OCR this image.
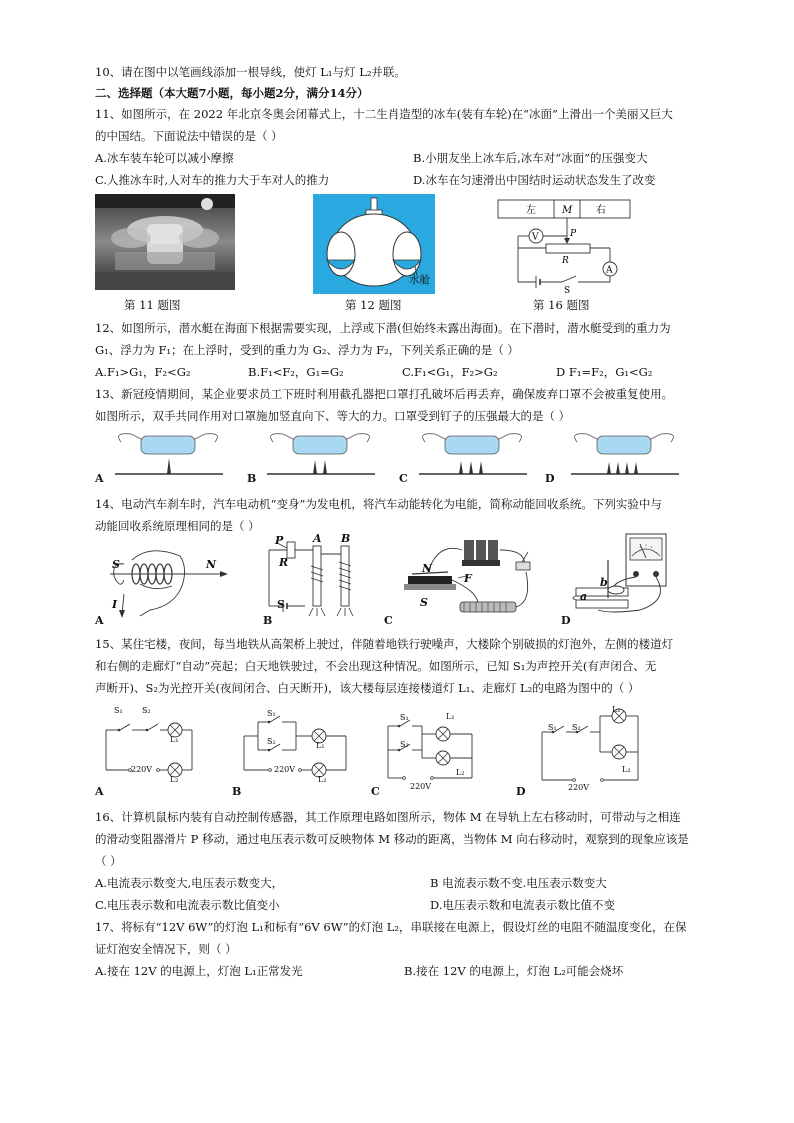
10、请在图中以笔画线添加一根导线，使灯 L₁与灯 L₂并联。
二、选择题（本大题7小题，每小题2分，满分14分）
11、如图所示，在 2022 年北京冬奥会闭幕式上，十二生肖造型的冰车(装有车轮)在“冰面”上滑出一个美丽又巨大
的中国结。下面说法中错误的是（ ）
A.冰车装车轮可以减小摩擦	B.小朋友坐上冰车后,冰车对“冰面”的压强变大
C.人推冰车时,人对车的推力大于车对人的推力	D.冰车在匀速滑出中国结时运动状态发生了改变
第 11 题图
水舱
第 12 题图
左	M 右
P
R
V
A
S
第 16 题图
12、如图所示，潜水艇在海面下根据需要实现，上浮或下潜(但始终未露出海面)。在下潜时，潜水艇受到的重力为
G₁、浮力为 F₁；在上浮时，受到的重力为 G₂、浮力为 F₂，下列关系正确的是（ ）
A.F₁>G₁，F₂<G₂	B.F₁<F₂，G₁=G₂	C.F₁<G₁，F₂>G₂	D F₁=F₂，G₁<G₂
13、新冠疫情期间，某企业要求员工下班时利用截孔器把口罩打孔破坏后再丢弃，确保废弃口罩不会被重复使用。
如图所示，双手共同作用对口罩施加竖直向下、等大的力。口罩受到钉子的压强最大的是（ ）
A	B	C	D
14、电动汽车刹车时，汽车电动机“变身”为发电机，将汽车动能转化为电能，简称动能回收系统。下列实验中与
动能回收系统原理相同的是（ ）
S	N
I
P
R
A B
S
N
F
S	a
b
A	B	C	D
15、某住宅楼，夜间，每当地铁从高架桥上驶过，伴随着地铁行驶噪声，大楼除个别破损的灯泡外，左侧的楼道灯
和右侧的走廊灯“自动”亮起；白天地铁驶过，不会出现这种情况。如图所示，已知 S₁为声控开关(有声闭合、无
声断开)、S₂为光控开关(夜间闭合、白天断开)，该大楼每层连接楼道灯 L₁、走廊灯 L₂的电路为图中的（ ）
S₁ S₂
L₁
220V
L₂
S₁
S₂	L₁
220V
L₂
S₁
S₂
L₁
L₂
220V
S₁ S₂
L₁
L₂
220V
A	B	C	D
16、计算机鼠标内装有自动控制传感器，其工作原理电路如图所示，物体 M 在导轨上左右移动时，可带动与之相连
的滑动变阻器滑片 P 移动，通过电压表示数可反映物体 M 移动的距离，当物体 M 向右移动时，观察到的现象应该是
（ ）
A.电流表示数变大,电压表示数变大，	B 电流表示数不变.电压表示数变大
C.电压表示数和电流表示数比值变小	D.电压表示数和电流表示数比值不变
17、将标有“12V 6W”的灯泡 L₁和标有“6V 6W”的灯泡 L₂，串联接在电源上，假设灯丝的电阻不随温度变化，在保
证灯泡安全情况下，则（ ）
A.接在 12V 的电源上，灯泡 L₁正常发光	B.接在 12V 的电源上，灯泡 L₂可能会烧坏
